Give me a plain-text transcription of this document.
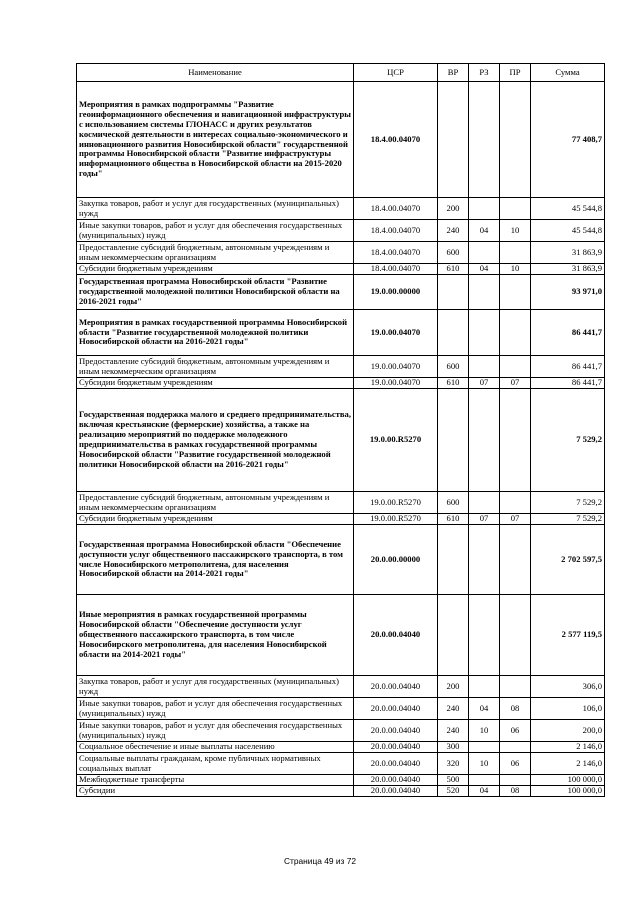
Наименование	ЦСР	ВР	РЗ	ПР	Сумма
Мероприятия в рамках подпрограммы "Развитие геоинформационного обеспечения и навигационной инфраструктуры с использованием системы ГЛОНАСС и других результатов космической деятельности в интересах социально-экономического и инновационного развития Новосибирской области" государственной программы Новосибирской области "Развитие инфраструктуры информационного общества в Новосибирской области на 2015-2020 годы"	18.4.00.04070				77 408,7
Закупка товаров, работ и услуг для государственных (муниципальных) нужд	18.4.00.04070	200			45 544,8
Иные закупки товаров, работ и услуг для обеспечения государственных (муниципальных) нужд	18.4.00.04070	240	04	10	45 544,8
Предоставление субсидий бюджетным, автономным учреждениям и иным некоммерческим организациям	18.4.00.04070	600			31 863,9
Субсидии бюджетным учреждениям	18.4.00.04070	610	04	10	31 863,9
Государственная программа Новосибирской области "Развитие государственной молодежной политики Новосибирской области на 2016-2021 годы"	19.0.00.00000				93 971,0
Мероприятия в рамках государственной программы Новосибирской области "Развитие государственной молодежной политики Новосибирской области на 2016-2021 годы"	19.0.00.04070				86 441,7
Предоставление субсидий бюджетным, автономным учреждениям и иным некоммерческим организациям	19.0.00.04070	600			86 441,7
Субсидии бюджетным учреждениям	19.0.00.04070	610	07	07	86 441,7
Государственная поддержка малого и среднего предпринимательства, включая крестьянские (фермерские) хозяйства, а также на реализацию мероприятий по поддержке молодежного предпринимательства в рамках государственной программы Новосибирской области "Развитие государственной молодежной политики Новосибирской области на 2016-2021 годы"	19.0.00.R5270				7 529,2
Предоставление субсидий бюджетным, автономным учреждениям и иным некоммерческим организациям	19.0.00.R5270	600			7 529,2
Субсидии бюджетным учреждениям	19.0.00.R5270	610	07	07	7 529,2
Государственная программа Новосибирской области "Обеспечение доступности услуг общественного пассажирского транспорта, в том числе Новосибирского метрополитена, для населения Новосибирской области на 2014-2021 годы"	20.0.00.00000				2 702 597,5
Иные мероприятия в рамках государственной программы Новосибирской области "Обеспечение доступности услуг общественного пассажирского транспорта, в том числе Новосибирского метрополитена, для населения Новосибирской области на 2014-2021 годы"	20.0.00.04040				2 577 119,5
Закупка товаров, работ и услуг для государственных (муниципальных) нужд	20.0.00.04040	200			306,0
Иные закупки товаров, работ и услуг для обеспечения государственных (муниципальных) нужд	20.0.00.04040	240	04	08	106,0
Иные закупки товаров, работ и услуг для обеспечения государственных (муниципальных) нужд	20.0.00.04040	240	10	06	200,0
Социальное обеспечение и иные выплаты населению	20.0.00.04040	300			2 146,0
Социальные выплаты гражданам, кроме публичных нормативных социальных выплат	20.0.00.04040	320	10	06	2 146,0
Межбюджетные трансферты	20.0.00.04040	500			100 000,0
Субсидии	20.0.00.04040	520	04	08	100 000,0
Страница 49 из 72
